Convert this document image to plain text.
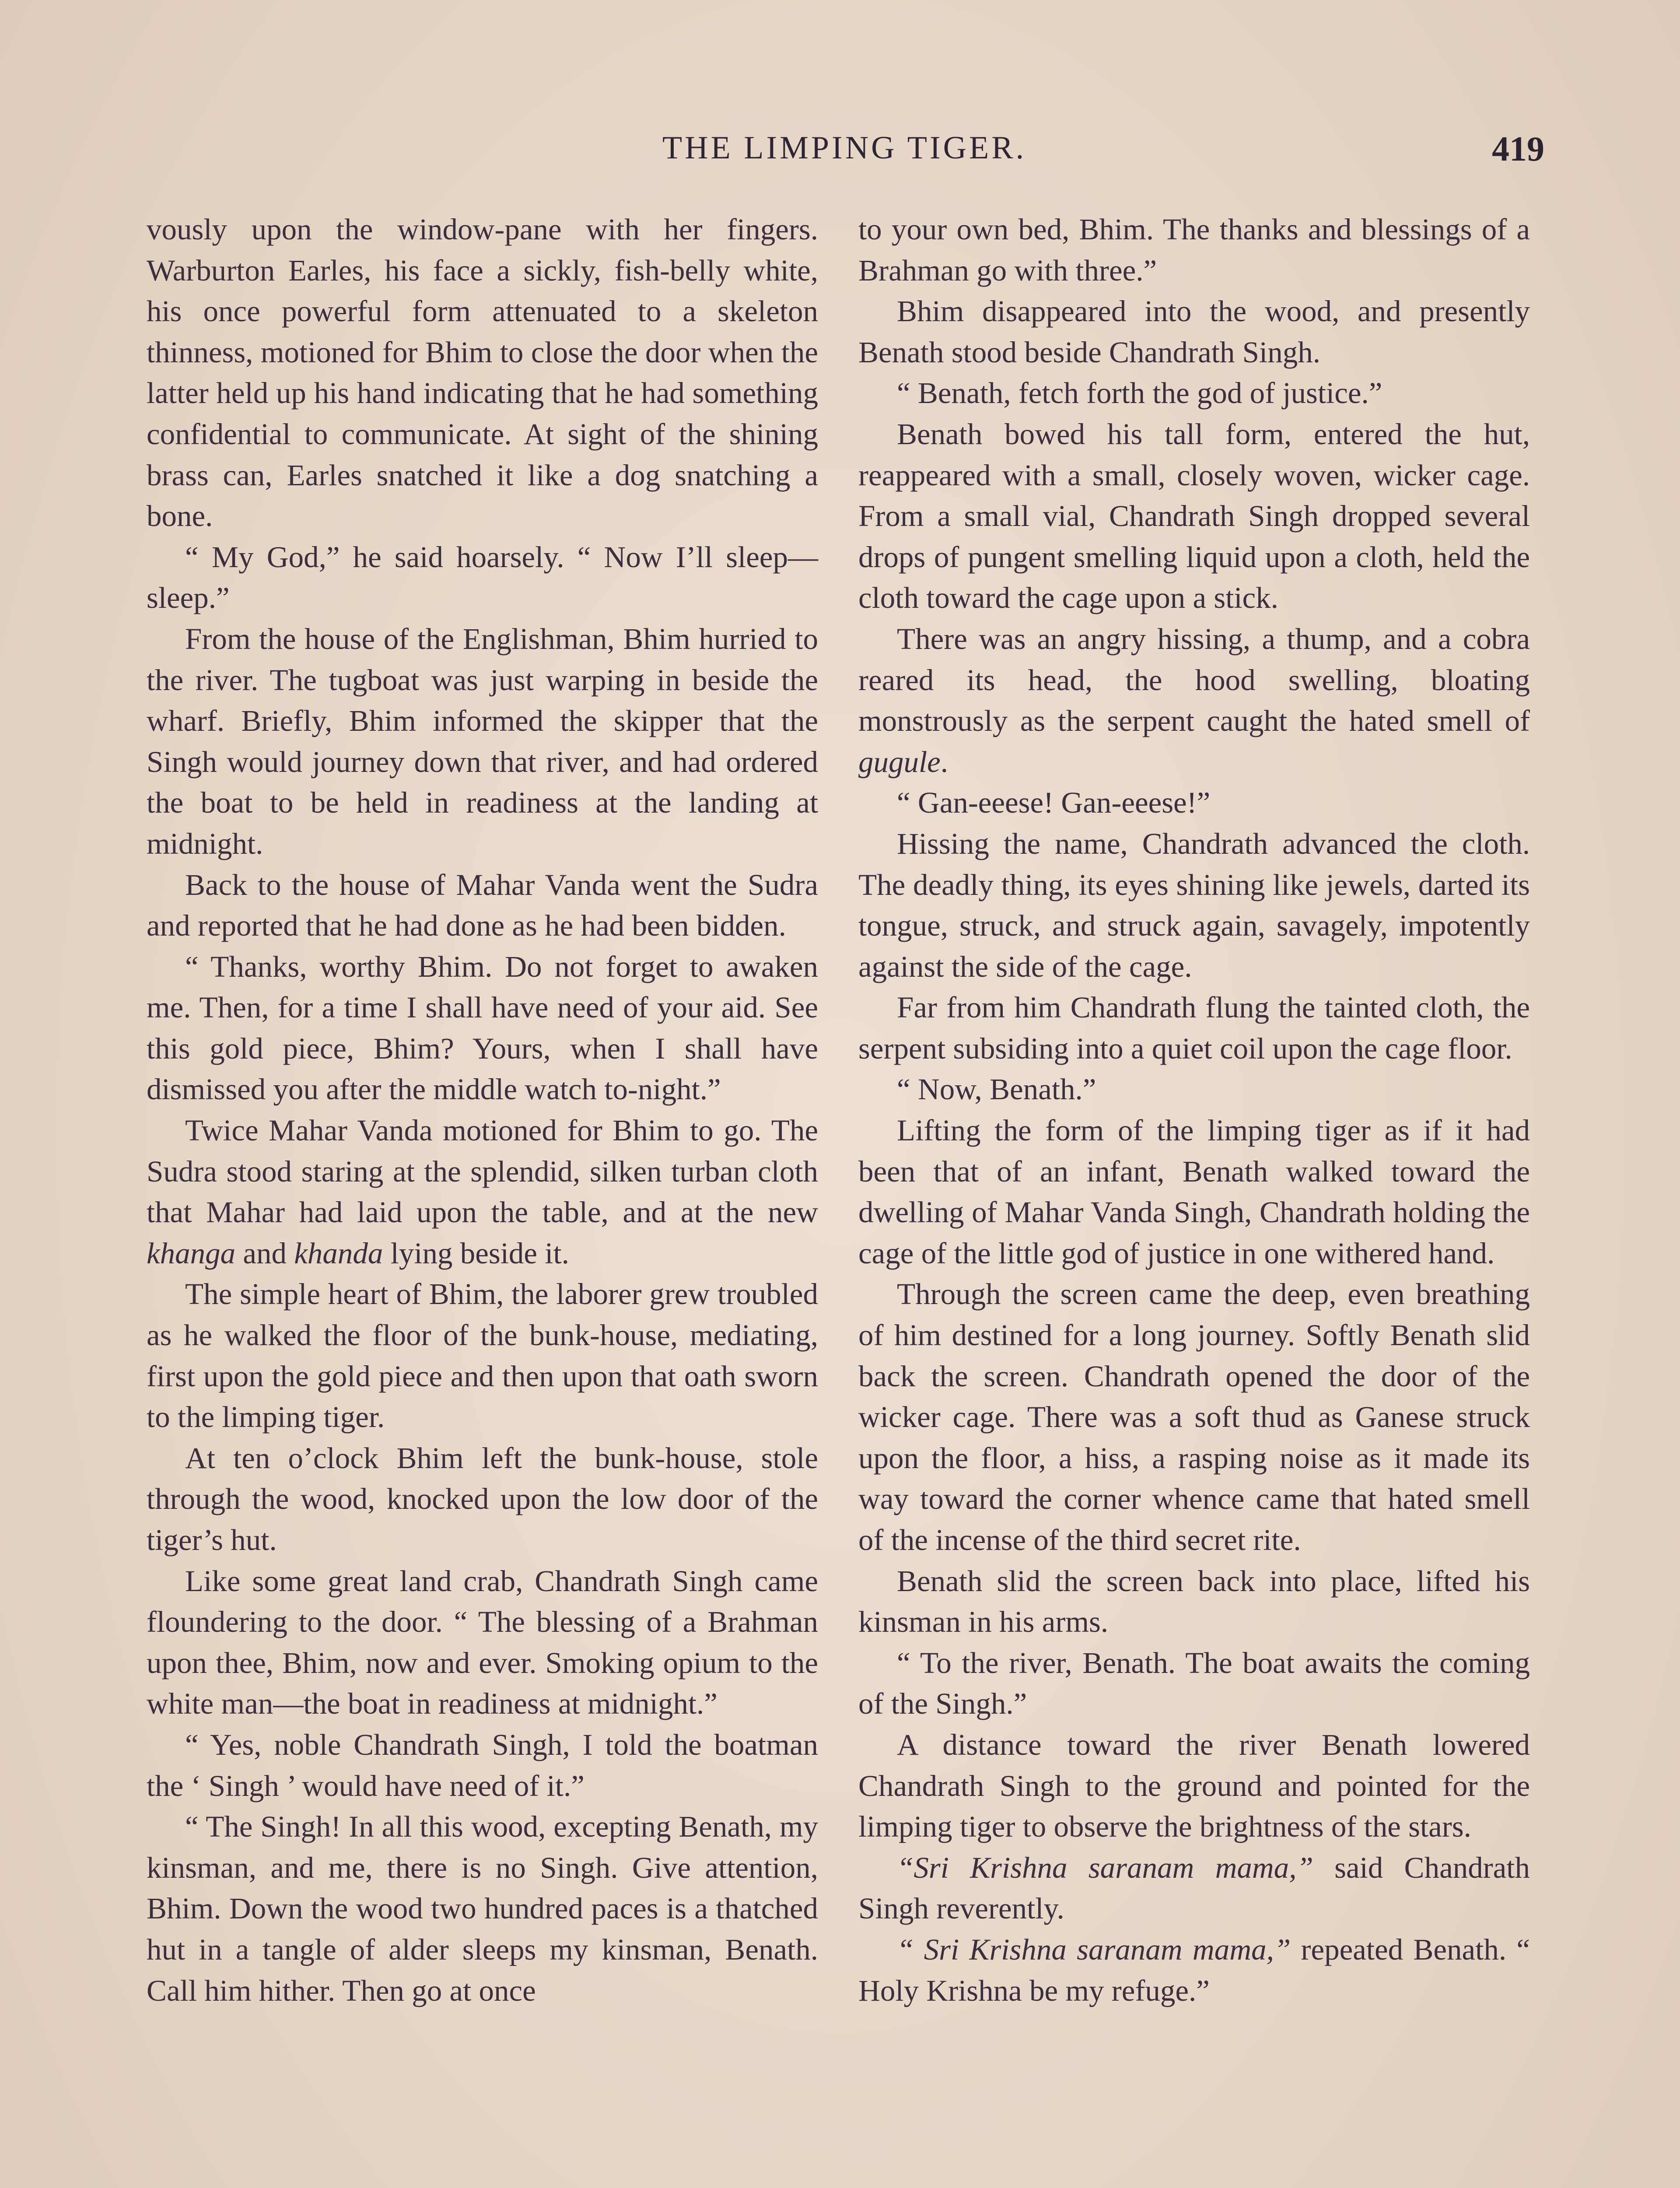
THE LIMPING TIGER.	419

vously upon the window-pane with her fingers. Warburton Earles, his face a sickly, fish-belly white, his once powerful form attenuated to a skeleton thinness, motioned for Bhim to close the door when the latter held up his hand indicating that he had something confidential to communicate. At sight of the shining brass can, Earles snatched it like a dog snatching a bone.

“ My God,” he said hoarsely. “ Now I’ll sleep—sleep.”

From the house of the Englishman, Bhim hurried to the river. The tugboat was just warping in beside the wharf. Briefly, Bhim informed the skipper that the Singh would journey down that river, and had ordered the boat to be held in readiness at the landing at midnight.

Back to the house of Mahar Vanda went the Sudra and reported that he had done as he had been bidden.

“ Thanks, worthy Bhim. Do not forget to awaken me. Then, for a time I shall have need of your aid. See this gold piece, Bhim? Yours, when I shall have dismissed you after the middle watch to-night.”

Twice Mahar Vanda motioned for Bhim to go. The Sudra stood staring at the splendid, silken turban cloth that Mahar had laid upon the table, and at the new khanga and khanda lying beside it.

The simple heart of Bhim, the laborer grew troubled as he walked the floor of the bunk-house, mediating, first upon the gold piece and then upon that oath sworn to the limping tiger.

At ten o’clock Bhim left the bunk-house, stole through the wood, knocked upon the low door of the tiger’s hut.

Like some great land crab, Chandrath Singh came floundering to the door. “ The blessing of a Brahman upon thee, Bhim, now and ever. Smoking opium to the white man—the boat in readiness at midnight.”

“ Yes, noble Chandrath Singh, I told the boatman the ‘ Singh ’ would have need of it.”

“ The Singh! In all this wood, excepting Benath, my kinsman, and me, there is no Singh. Give attention, Bhim. Down the wood two hundred paces is a thatched hut in a tangle of alder sleeps my kinsman, Benath. Call him hither. Then go at once

to your own bed, Bhim. The thanks and blessings of a Brahman go with three.”

Bhim disappeared into the wood, and presently Benath stood beside Chandrath Singh.

“ Benath, fetch forth the god of justice.”

Benath bowed his tall form, entered the hut, reappeared with a small, closely woven, wicker cage. From a small vial, Chandrath Singh dropped several drops of pungent smelling liquid upon a cloth, held the cloth toward the cage upon a stick.

There was an angry hissing, a thump, and a cobra reared its head, the hood swelling, bloating monstrously as the serpent caught the hated smell of gugule.

“ Gan-eeese! Gan-eeese!”

Hissing the name, Chandrath advanced the cloth. The deadly thing, its eyes shining like jewels, darted its tongue, struck, and struck again, savagely, impotently against the side of the cage.

Far from him Chandrath flung the tainted cloth, the serpent subsiding into a quiet coil upon the cage floor.

“ Now, Benath.”

Lifting the form of the limping tiger as if it had been that of an infant, Benath walked toward the dwelling of Mahar Vanda Singh, Chandrath holding the cage of the little god of justice in one withered hand.

Through the screen came the deep, even breathing of him destined for a long journey. Softly Benath slid back the screen. Chandrath opened the door of the wicker cage. There was a soft thud as Ganese struck upon the floor, a hiss, a rasping noise as it made its way toward the corner whence came that hated smell of the incense of the third secret rite.

Benath slid the screen back into place, lifted his kinsman in his arms.

“ To the river, Benath. The boat awaits the coming of the Singh.”

A distance toward the river Benath lowered Chandrath Singh to the ground and pointed for the limping tiger to observe the brightness of the stars.

“Sri Krishna saranam mama,” said Chandrath Singh reverently.

“ Sri Krishna saranam mama,” repeated Benath. “ Holy Krishna be my refuge.”
